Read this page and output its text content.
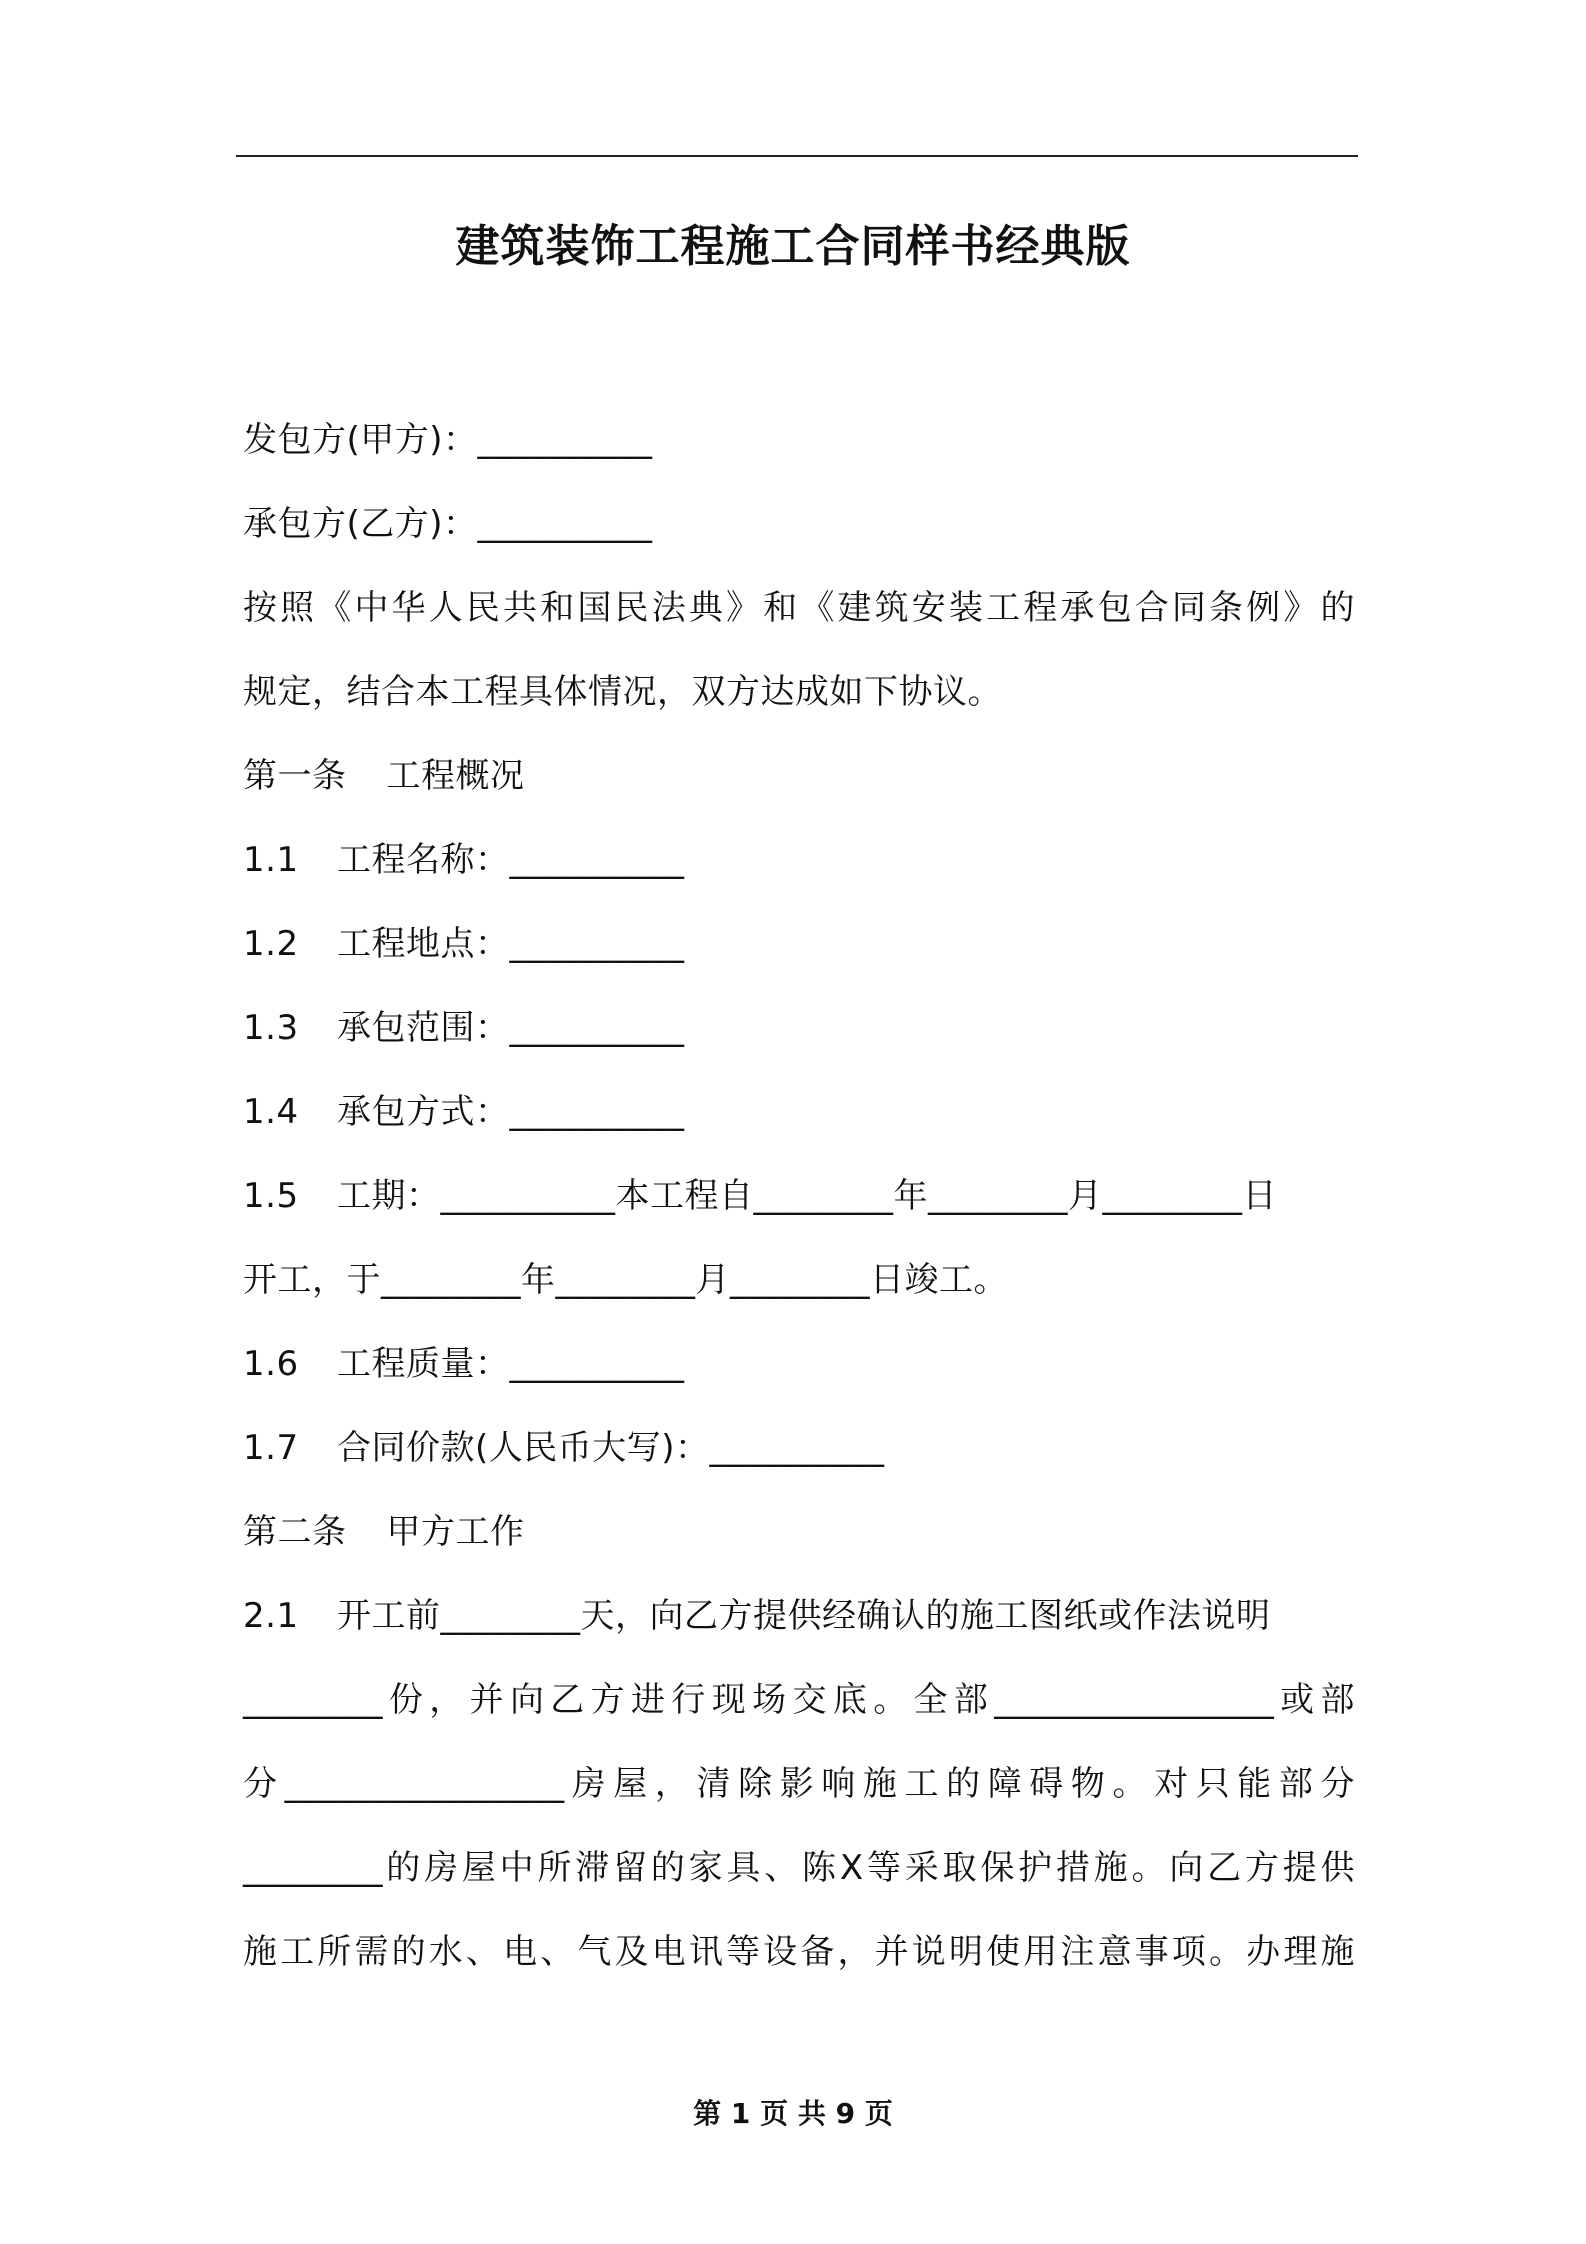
建筑装饰工程施工合同样书经典版
发包方(甲方)：__________
承包方(乙方)：__________
按照《中华人民共和国民法典》和《建筑安装工程承包合同条例》的
规定，结合本工程具体情况，双方达成如下协议。
第一条 工程概况
1.1 工程名称：__________
1.2 工程地点：__________
1.3 承包范围：__________
1.4 承包方式：__________
1.5 工期：__________本工程自________年________月________日
开工，于________年________月________日竣工。
1.6 工程质量：__________
1.7 合同价款(人民币大写)：__________
第二条 甲方工作
2.1 开工前________天，向乙方提供经确认的施工图纸或作法说明
________份，并向乙方进行现场交底。全部________________或部
分________________房屋，清除影响施工的障碍物。对只能部分
________的房屋中所滞留的家具、陈X等采取保护措施。向乙方提供
施工所需的水、电、气及电讯等设备，并说明使用注意事项。办理施
第 1 页 共 9 页
